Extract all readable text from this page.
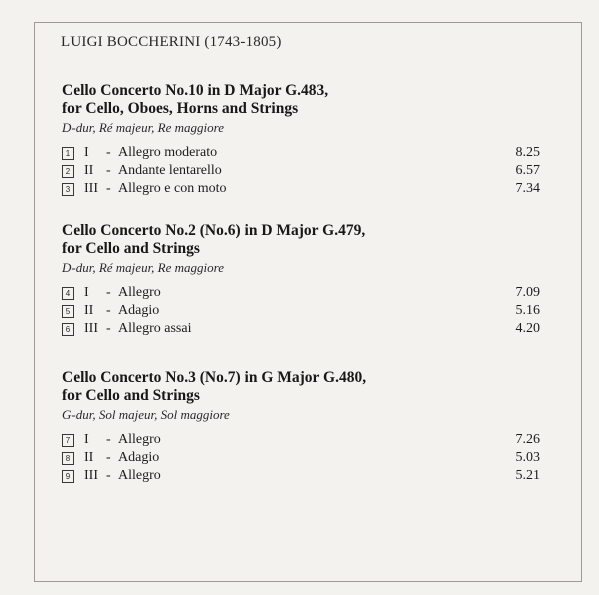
LUIGI BOCCHERINI (1743-1805)
Cello Concerto No.10 in D Major G.483,
for Cello, Oboes, Horns and Strings
D-dur, Ré majeur, Re maggiore
1 I - Allegro moderato	8.25
2 II - Andante lentarello	6.57
3 III - Allegro e con moto	7.34
Cello Concerto No.2 (No.6) in D Major G.479,
for Cello and Strings
D-dur, Ré majeur, Re maggiore
4 I - Allegro	7.09
5 II - Adagio	5.16
6 III - Allegro assai	4.20
Cello Concerto No.3 (No.7) in G Major G.480,
for Cello and Strings
G-dur, Sol majeur, Sol maggiore
7 I - Allegro	7.26
8 II - Adagio	5.03
9 III - Allegro	5.21
